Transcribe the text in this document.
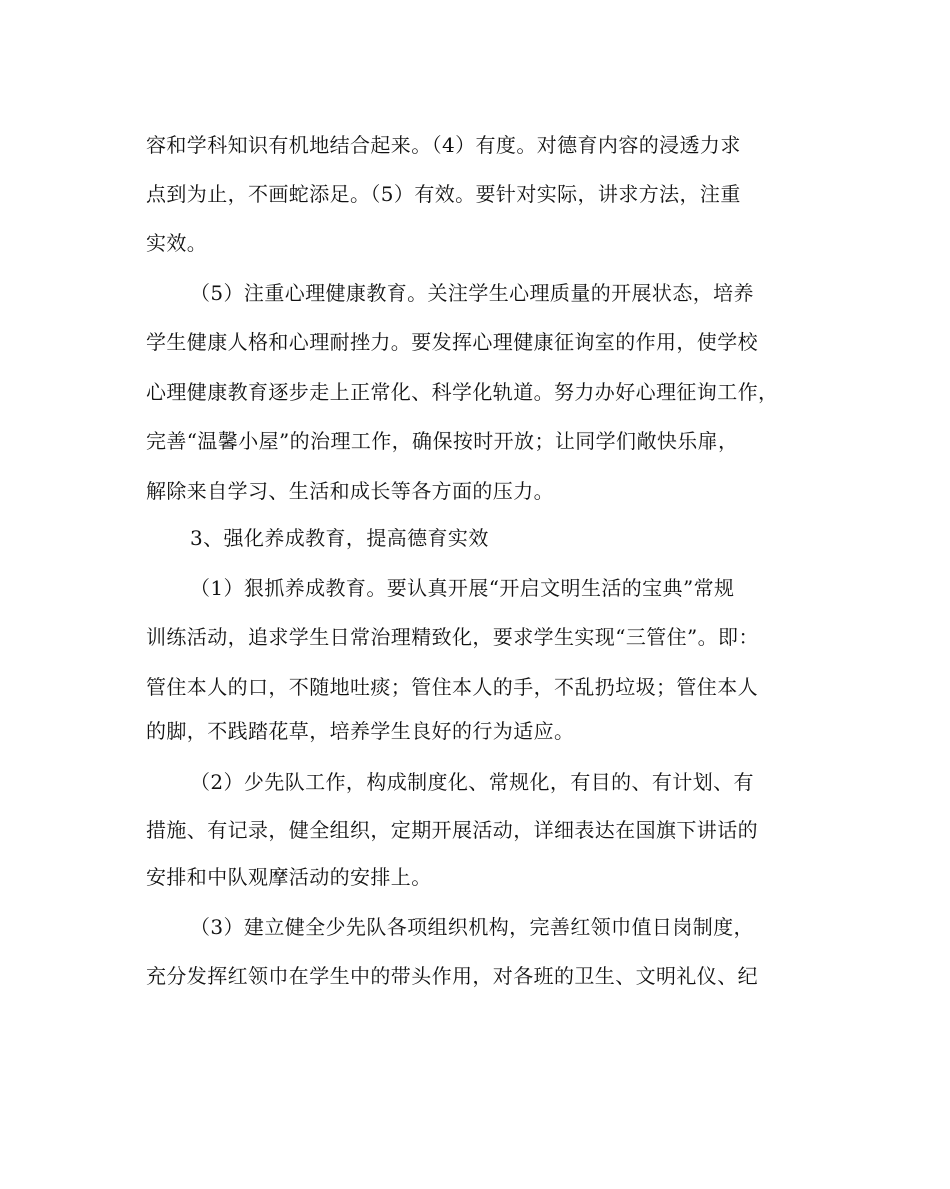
容和学科知识有机地结合起来。（4）有度。对德育内容的浸透力求
点到为止，不画蛇添足。（5）有效。要针对实际，讲求方法，注重
实效。
（5）注重心理健康教育。关注学生心理质量的开展状态，培养
学生健康人格和心理耐挫力。要发挥心理健康征询室的作用，使学校
心理健康教育逐步走上正常化、科学化轨道。努力办好心理征询工作，
完善“温馨小屋”的治理工作，确保按时开放；让同学们敞快乐扉，
解除来自学习、生活和成长等各方面的压力。
3、强化养成教育，提高德育实效
（1）狠抓养成教育。要认真开展“开启文明生活的宝典”常规
训练活动，追求学生日常治理精致化，要求学生实现“三管住”。即：
管住本人的口，不随地吐痰；管住本人的手，不乱扔垃圾；管住本人
的脚，不践踏花草，培养学生良好的行为适应。
（2）少先队工作，构成制度化、常规化，有目的、有计划、有
措施、有记录，健全组织，定期开展活动，详细表达在国旗下讲话的
安排和中队观摩活动的安排上。
（3）建立健全少先队各项组织机构，完善红领巾值日岗制度，
充分发挥红领巾在学生中的带头作用，对各班的卫生、文明礼仪、纪
